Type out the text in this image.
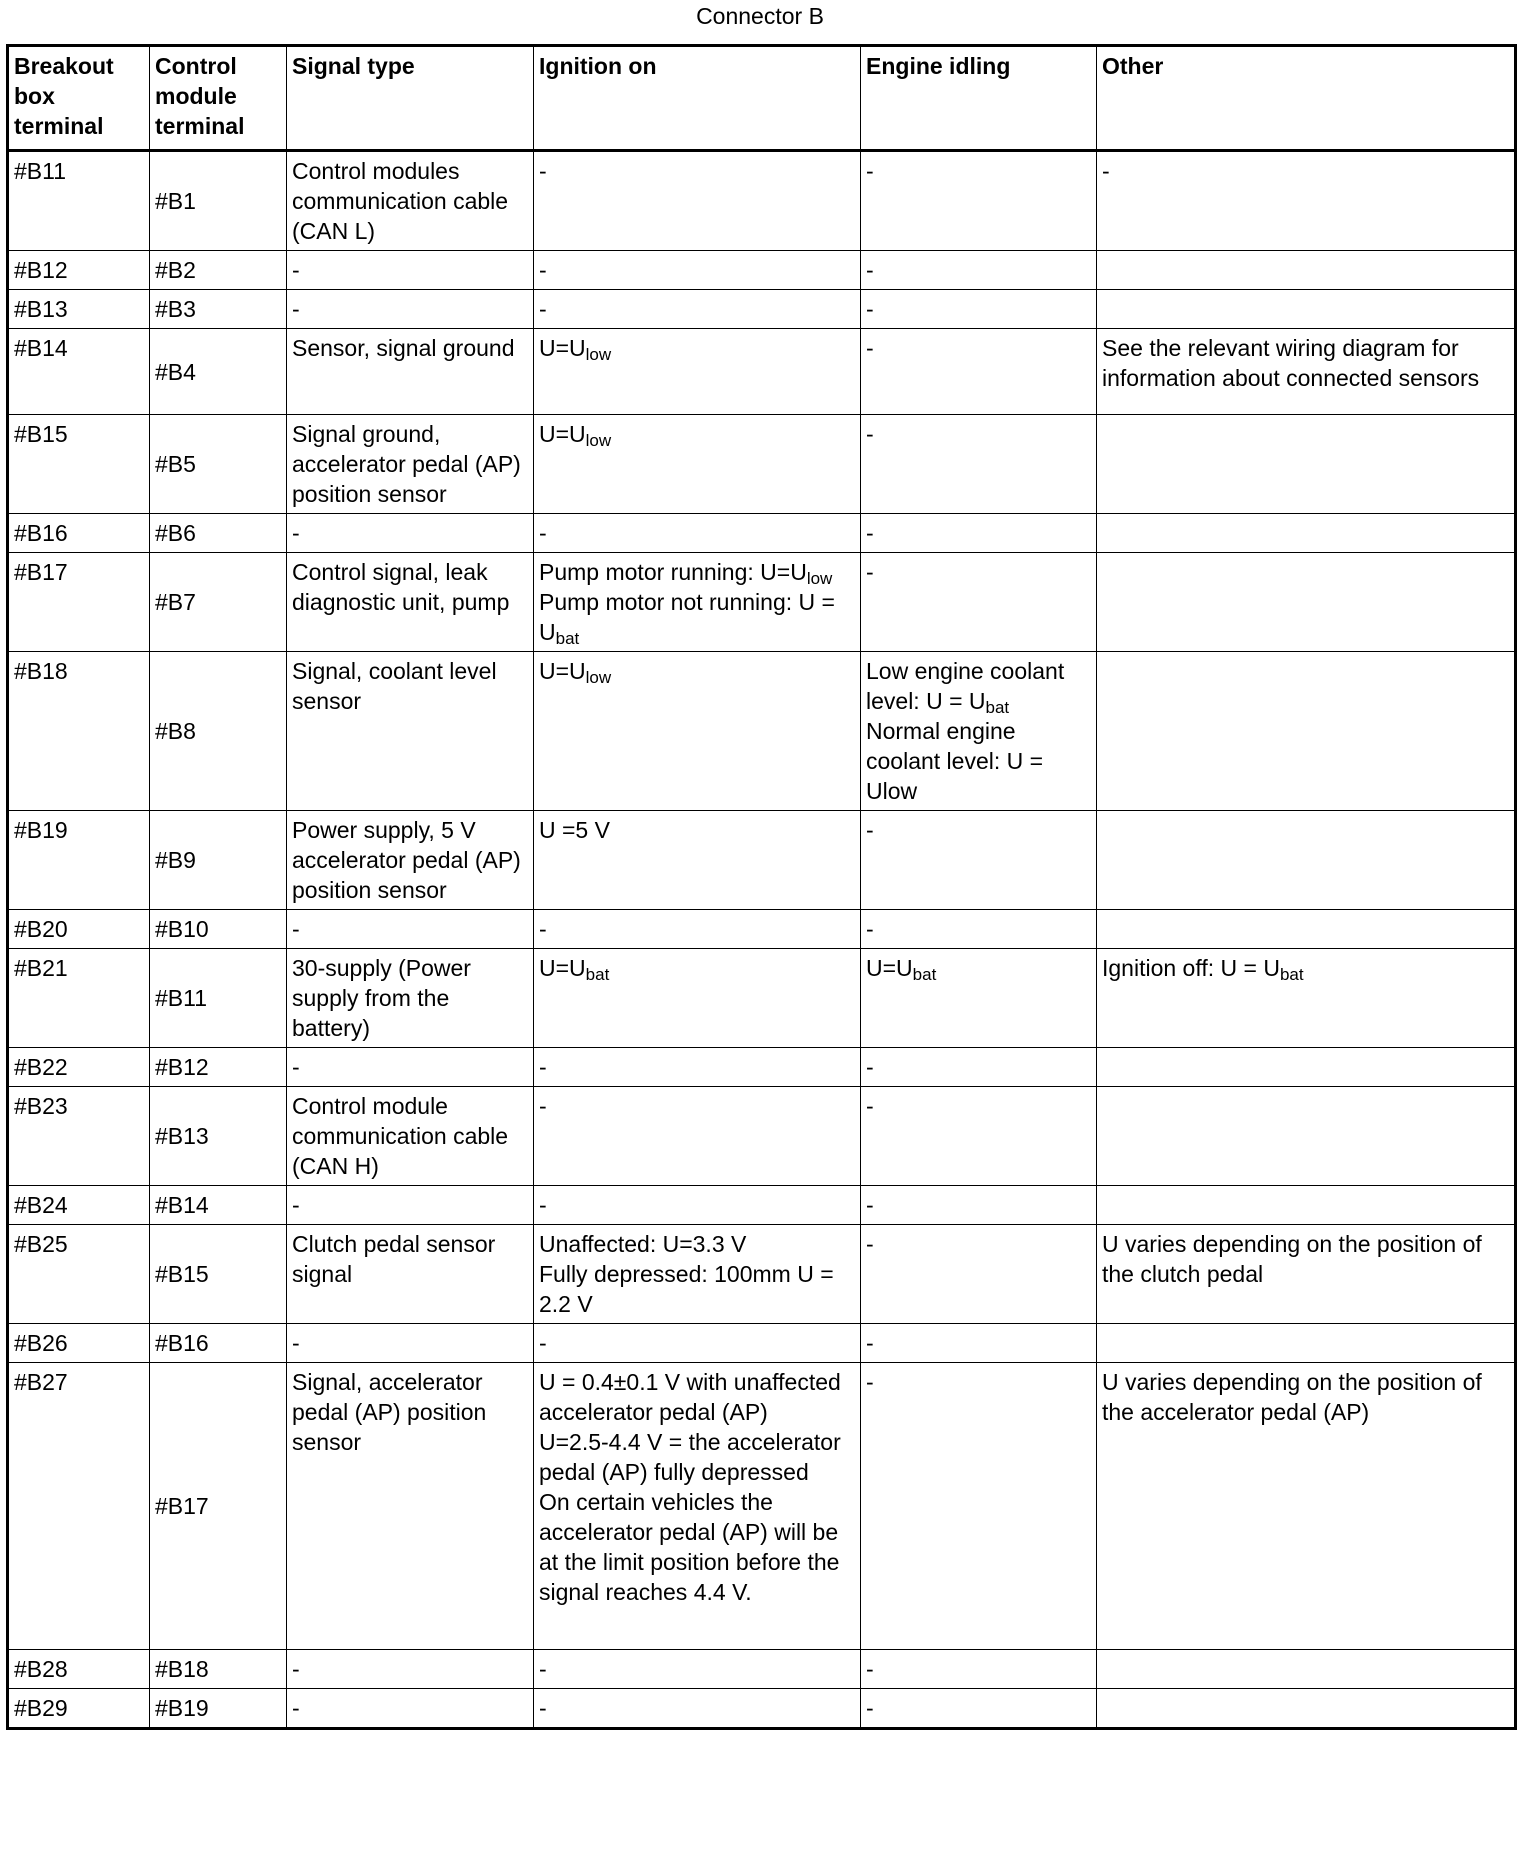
Connector B
Breakout box terminal	Control module terminal	Signal type	Ignition on	Engine idling	Other
#B11	#B1	Control modules communication cable (CAN L)	-	-	-

#B12	#B2	-	-	-	

#B13	#B3	-	-	-	

#B14	#B4	Sensor, signal ground	$U=U_{low}$	-	See the relevant wiring diagram for information about connected sensors

#B15	#B5	Signal ground, accelerator pedal (AP) position sensor	$U=U_{low}$	-	

#B16	#B6	-	-	-	

#B17	#B7	Control signal, leak diagnostic unit, pump	Pump motor running: $U=U_{low}$ Pump motor not running: $U = U_{bat}$	-	

#B18	#B8	Signal, coolant level sensor	$U=U_{low}$	Low engine coolant level: $U = U_{bat}$
Normal engine coolant level: U = Ulow	

#B19	#B9	Power supply, 5 V accelerator pedal (AP) position sensor	U =5 V	-	

#B20	#B10	-	-	-	

#B21	#B11	30-supply (Power supply from the battery)	$U=U_{bat}$	$U=U_{bat}$	Ignition off: $U = U_{bat}$

#B22	#B12	-	-	-	

#B23	#B13	Control module communication cable (CAN H)	-	-	

#B24	#B14	-	-	-	

#B25	#B15	Clutch pedal sensor signal	Unaffected: U=3.3 V
Fully depressed: 100mm U = 2.2 V	-	U varies depending on the position of the clutch pedal

#B26	#B16	-	-	-	

#B27	#B17	Signal, accelerator pedal (AP) position sensor	U = 0.4±0.1 V with unaffected accelerator pedal (AP)
U=2.5-4.4 V = the accelerator pedal (AP) fully depressed
On certain vehicles the accelerator pedal (AP) will be at the limit position before the signal reaches 4.4 V.	-	U varies depending on the position of the accelerator pedal (AP)

#B28	#B18	-	-	-	

#B29	#B19	-	-	-	
